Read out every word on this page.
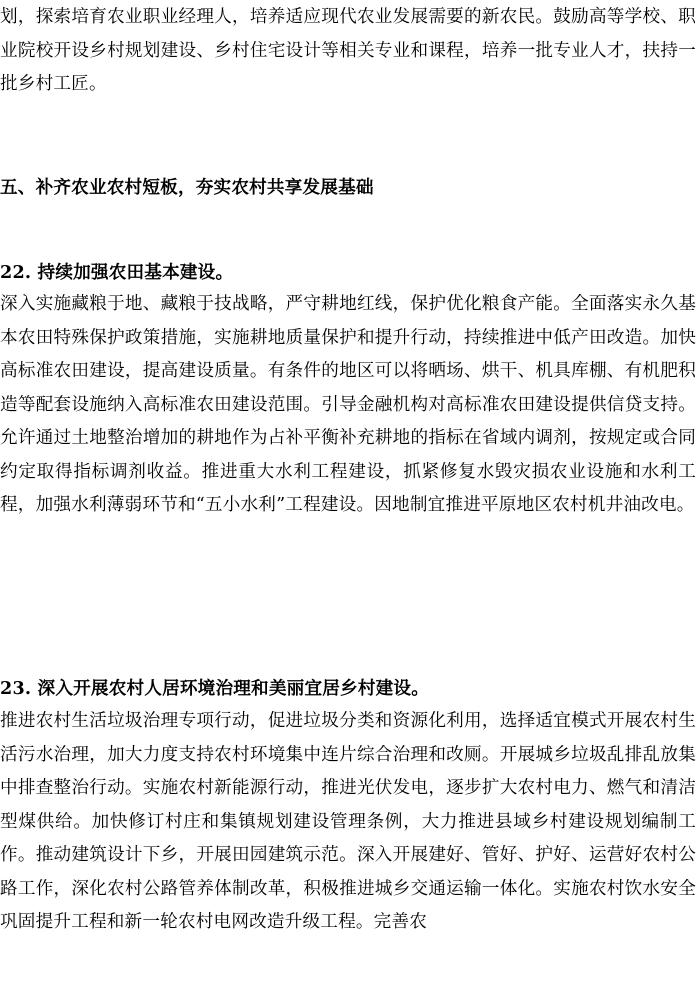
划，探索培育农业职业经理人，培养适应现代农业发展需要的新农民。鼓励高等学校、职业院校开设乡村规划建设、乡村住宅设计等相关专业和课程，培养一批专业人才，扶持一批乡村工匠。

五、补齐农业农村短板，夯实农村共享发展基础

22. 持续加强农田基本建设。

深入实施藏粮于地、藏粮于技战略，严守耕地红线，保护优化粮食产能。全面落实永久基本农田特殊保护政策措施，实施耕地质量保护和提升行动，持续推进中低产田改造。加快高标准农田建设，提高建设质量。有条件的地区可以将晒场、烘干、机具库棚、有机肥积造等配套设施纳入高标准农田建设范围。引导金融机构对高标准农田建设提供信贷支持。允许通过土地整治增加的耕地作为占补平衡补充耕地的指标在省域内调剂，按规定或合同约定取得指标调剂收益。推进重大水利工程建设，抓紧修复水毁灾损农业设施和水利工程，加强水利薄弱环节和“五小水利”工程建设。因地制宜推进平原地区农村机井油改电。

23. 深入开展农村人居环境治理和美丽宜居乡村建设。

推进农村生活垃圾治理专项行动，促进垃圾分类和资源化利用，选择适宜模式开展农村生活污水治理，加大力度支持农村环境集中连片综合治理和改厕。开展城乡垃圾乱排乱放集中排查整治行动。实施农村新能源行动，推进光伏发电，逐步扩大农村电力、燃气和清洁型煤供给。加快修订村庄和集镇规划建设管理条例，大力推进县域乡村建设规划编制工作。推动建筑设计下乡，开展田园建筑示范。深入开展建好、管好、护好、运营好农村公路工作，深化农村公路管养体制改革，积极推进城乡交通运输一体化。实施农村饮水安全巩固提升工程和新一轮农村电网改造升级工程。完善农
